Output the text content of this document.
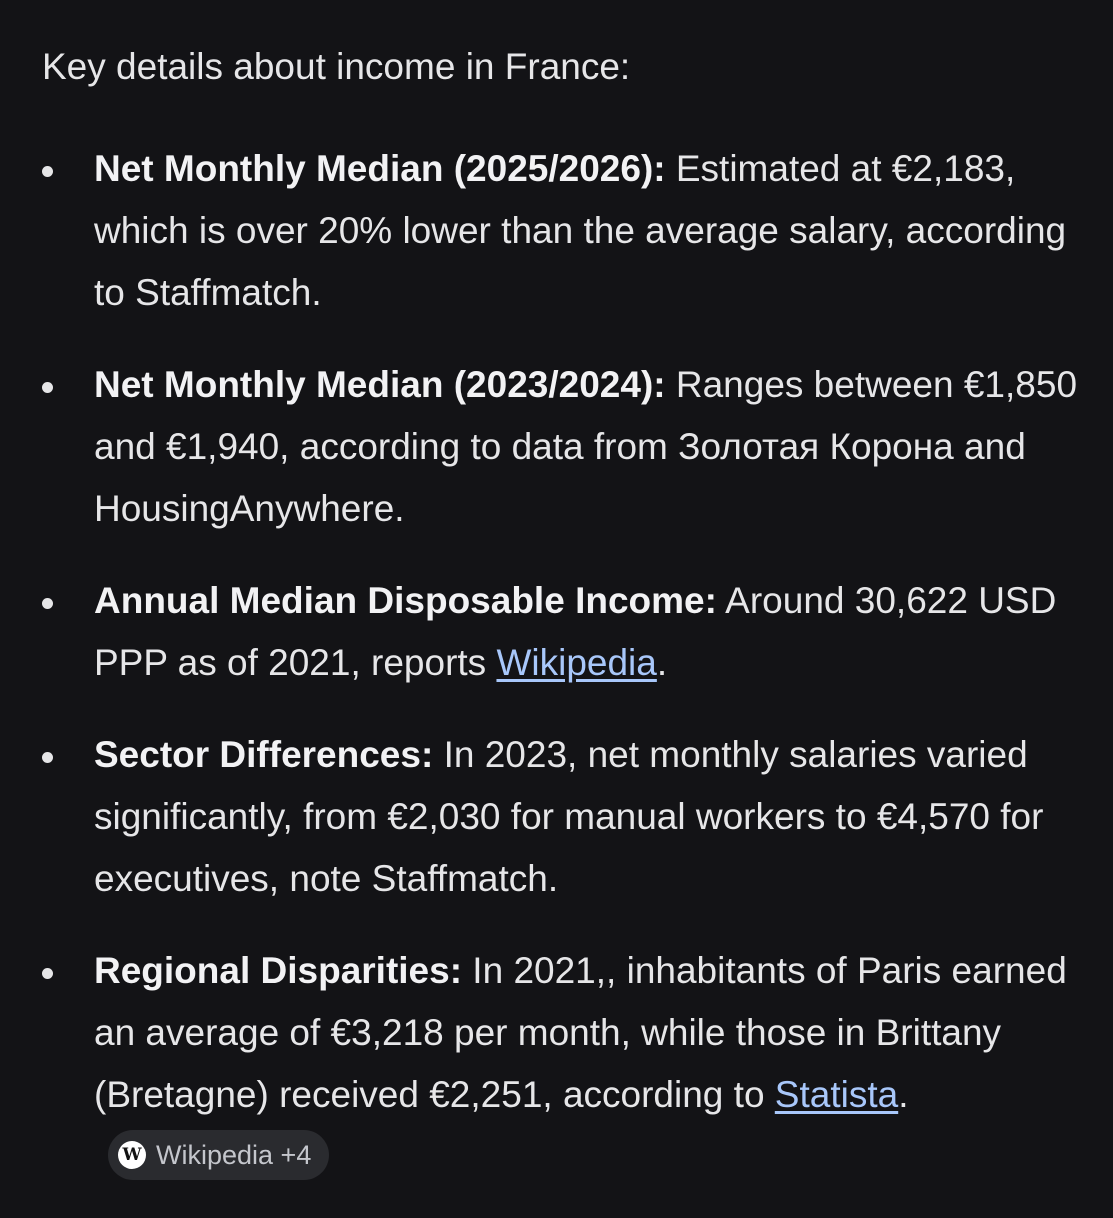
Key details about income in France:

Net Monthly Median (2025/2026): Estimated at €2,183, which is over 20% lower than the average salary, according to Staffmatch.
Net Monthly Median (2023/2024): Ranges between €1,850 and €1,940, according to data from Золотая Корона and HousingAnywhere.
Annual Median Disposable Income: Around 30,622 USD PPP as of 2021, reports Wikipedia.
Sector Differences: In 2023, net monthly salaries varied significantly, from €2,030 for manual workers to €4,570 for executives, note Staffmatch.
Regional Disparities: In 2021,, inhabitants of Paris earned an average of €3,218 per month, while those in Brittany (Bretagne) received €2,251, according to Statista.
W Wikipedia +4
